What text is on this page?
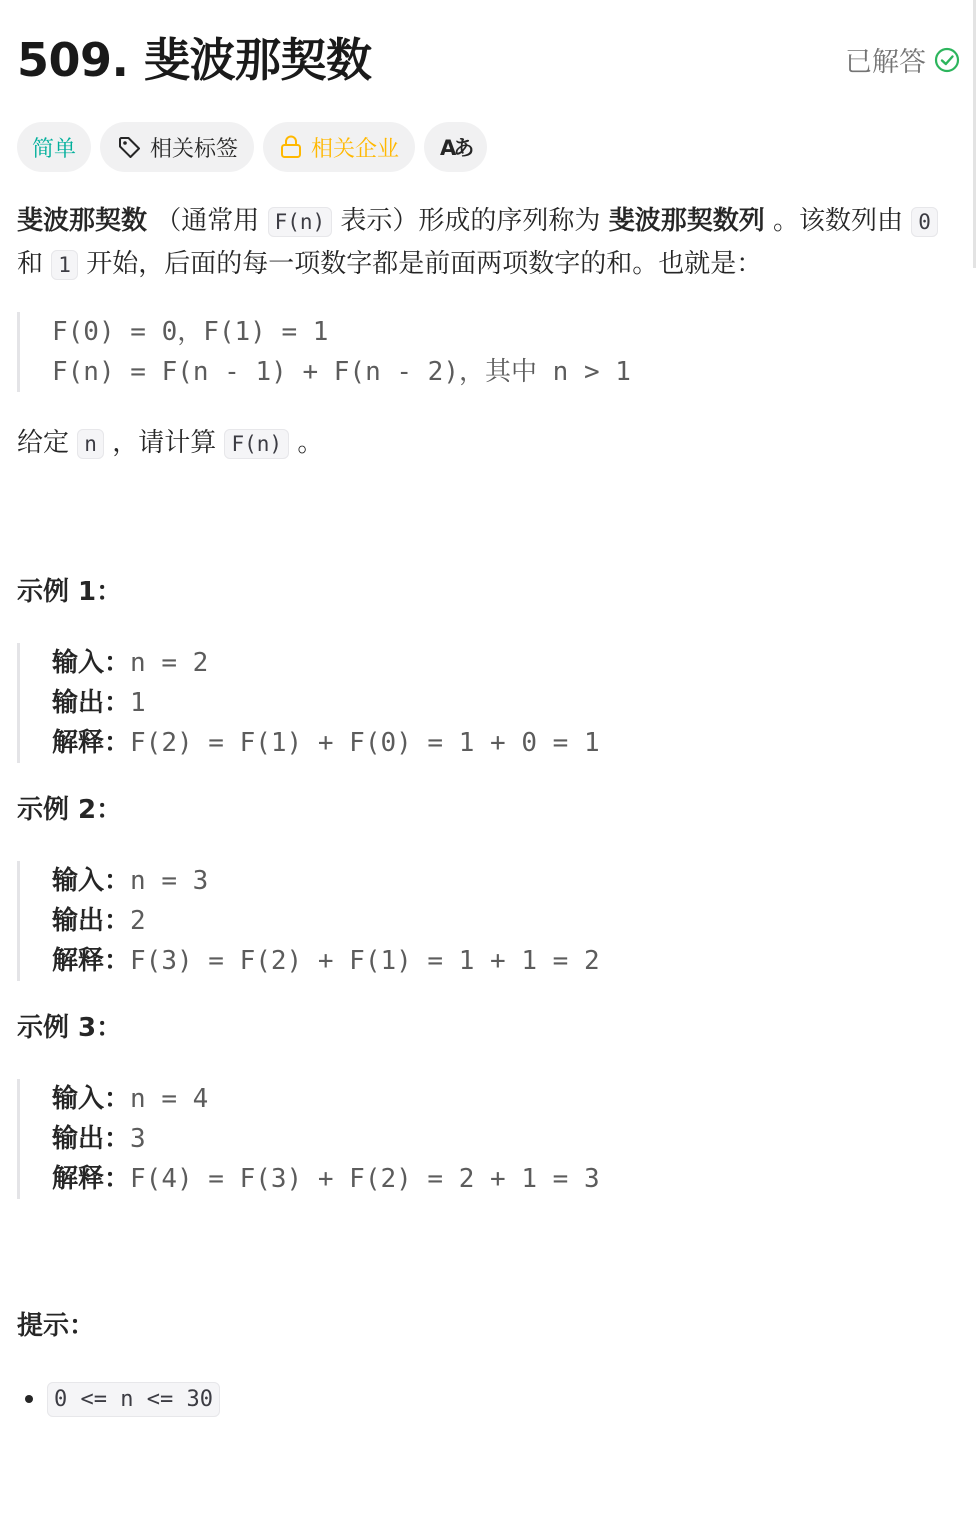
509. 斐波那契数	已解答
简单	相关标签	相关企业 Aあ

斐波那契数 （通常用 F(n) 表示）形成的序列称为 斐波那契数列 。该数列由 0 和 1 开始，后面的每一项数字都是前面两项数字的和。也就是：

F(0) = 0，F(1) = 1
F(n) = F(n - 1) + F(n - 2)，其中 n > 1

给定 n ，请计算 F(n) 。

示例 1：
输入：n = 2
输出：1
解释：F(2) = F(1) + F(0) = 1 + 0 = 1
示例 2：
输入：n = 3
输出：2
解释：F(3) = F(2) + F(1) = 1 + 1 = 2
示例 3：
输入：n = 4
输出：3
解释：F(4) = F(3) + F(2) = 2 + 1 = 3
提示：
• 0 <= n <= 30
